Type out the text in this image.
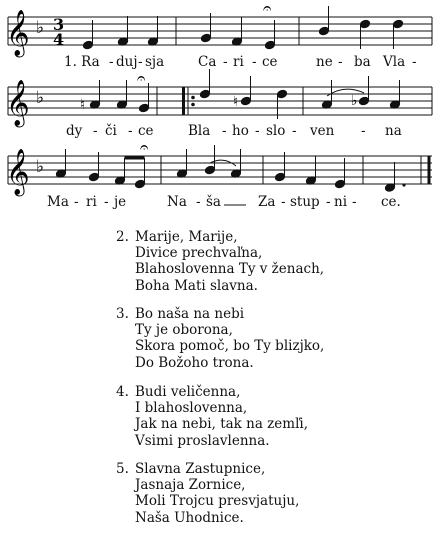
𝄞
𝄞
𝄞
♭
♭
♭
3
4
𝄐
♮	♮	♭
𝄐
𝄐
1. Ra - duj - sja	Ca - ri - ce	ne - ba Vla -
dy - či - ce	Bla - ho - slo - ven - na
Ma - ri - je	Na - ša	Za - stup - ni - ce.
2. Marije, Marije,
Divice prechvaľna,
Blahoslovenna Ty v ženach,
Boha Mati slavna.
3. Bo naša na nebi
Ty je oborona,
Skora pomoč, bo Ty blizjko,
Do Božoho trona.
4. Budi veličenna,
I blahoslovenna,
Jak na nebi, tak na zemľi,
Vsimi proslavlenna.
5. Slavna Zastupnice,
Jasnaja Zornice,
Moli Trojcu presvjatuju,
Naša Uhodnice.
